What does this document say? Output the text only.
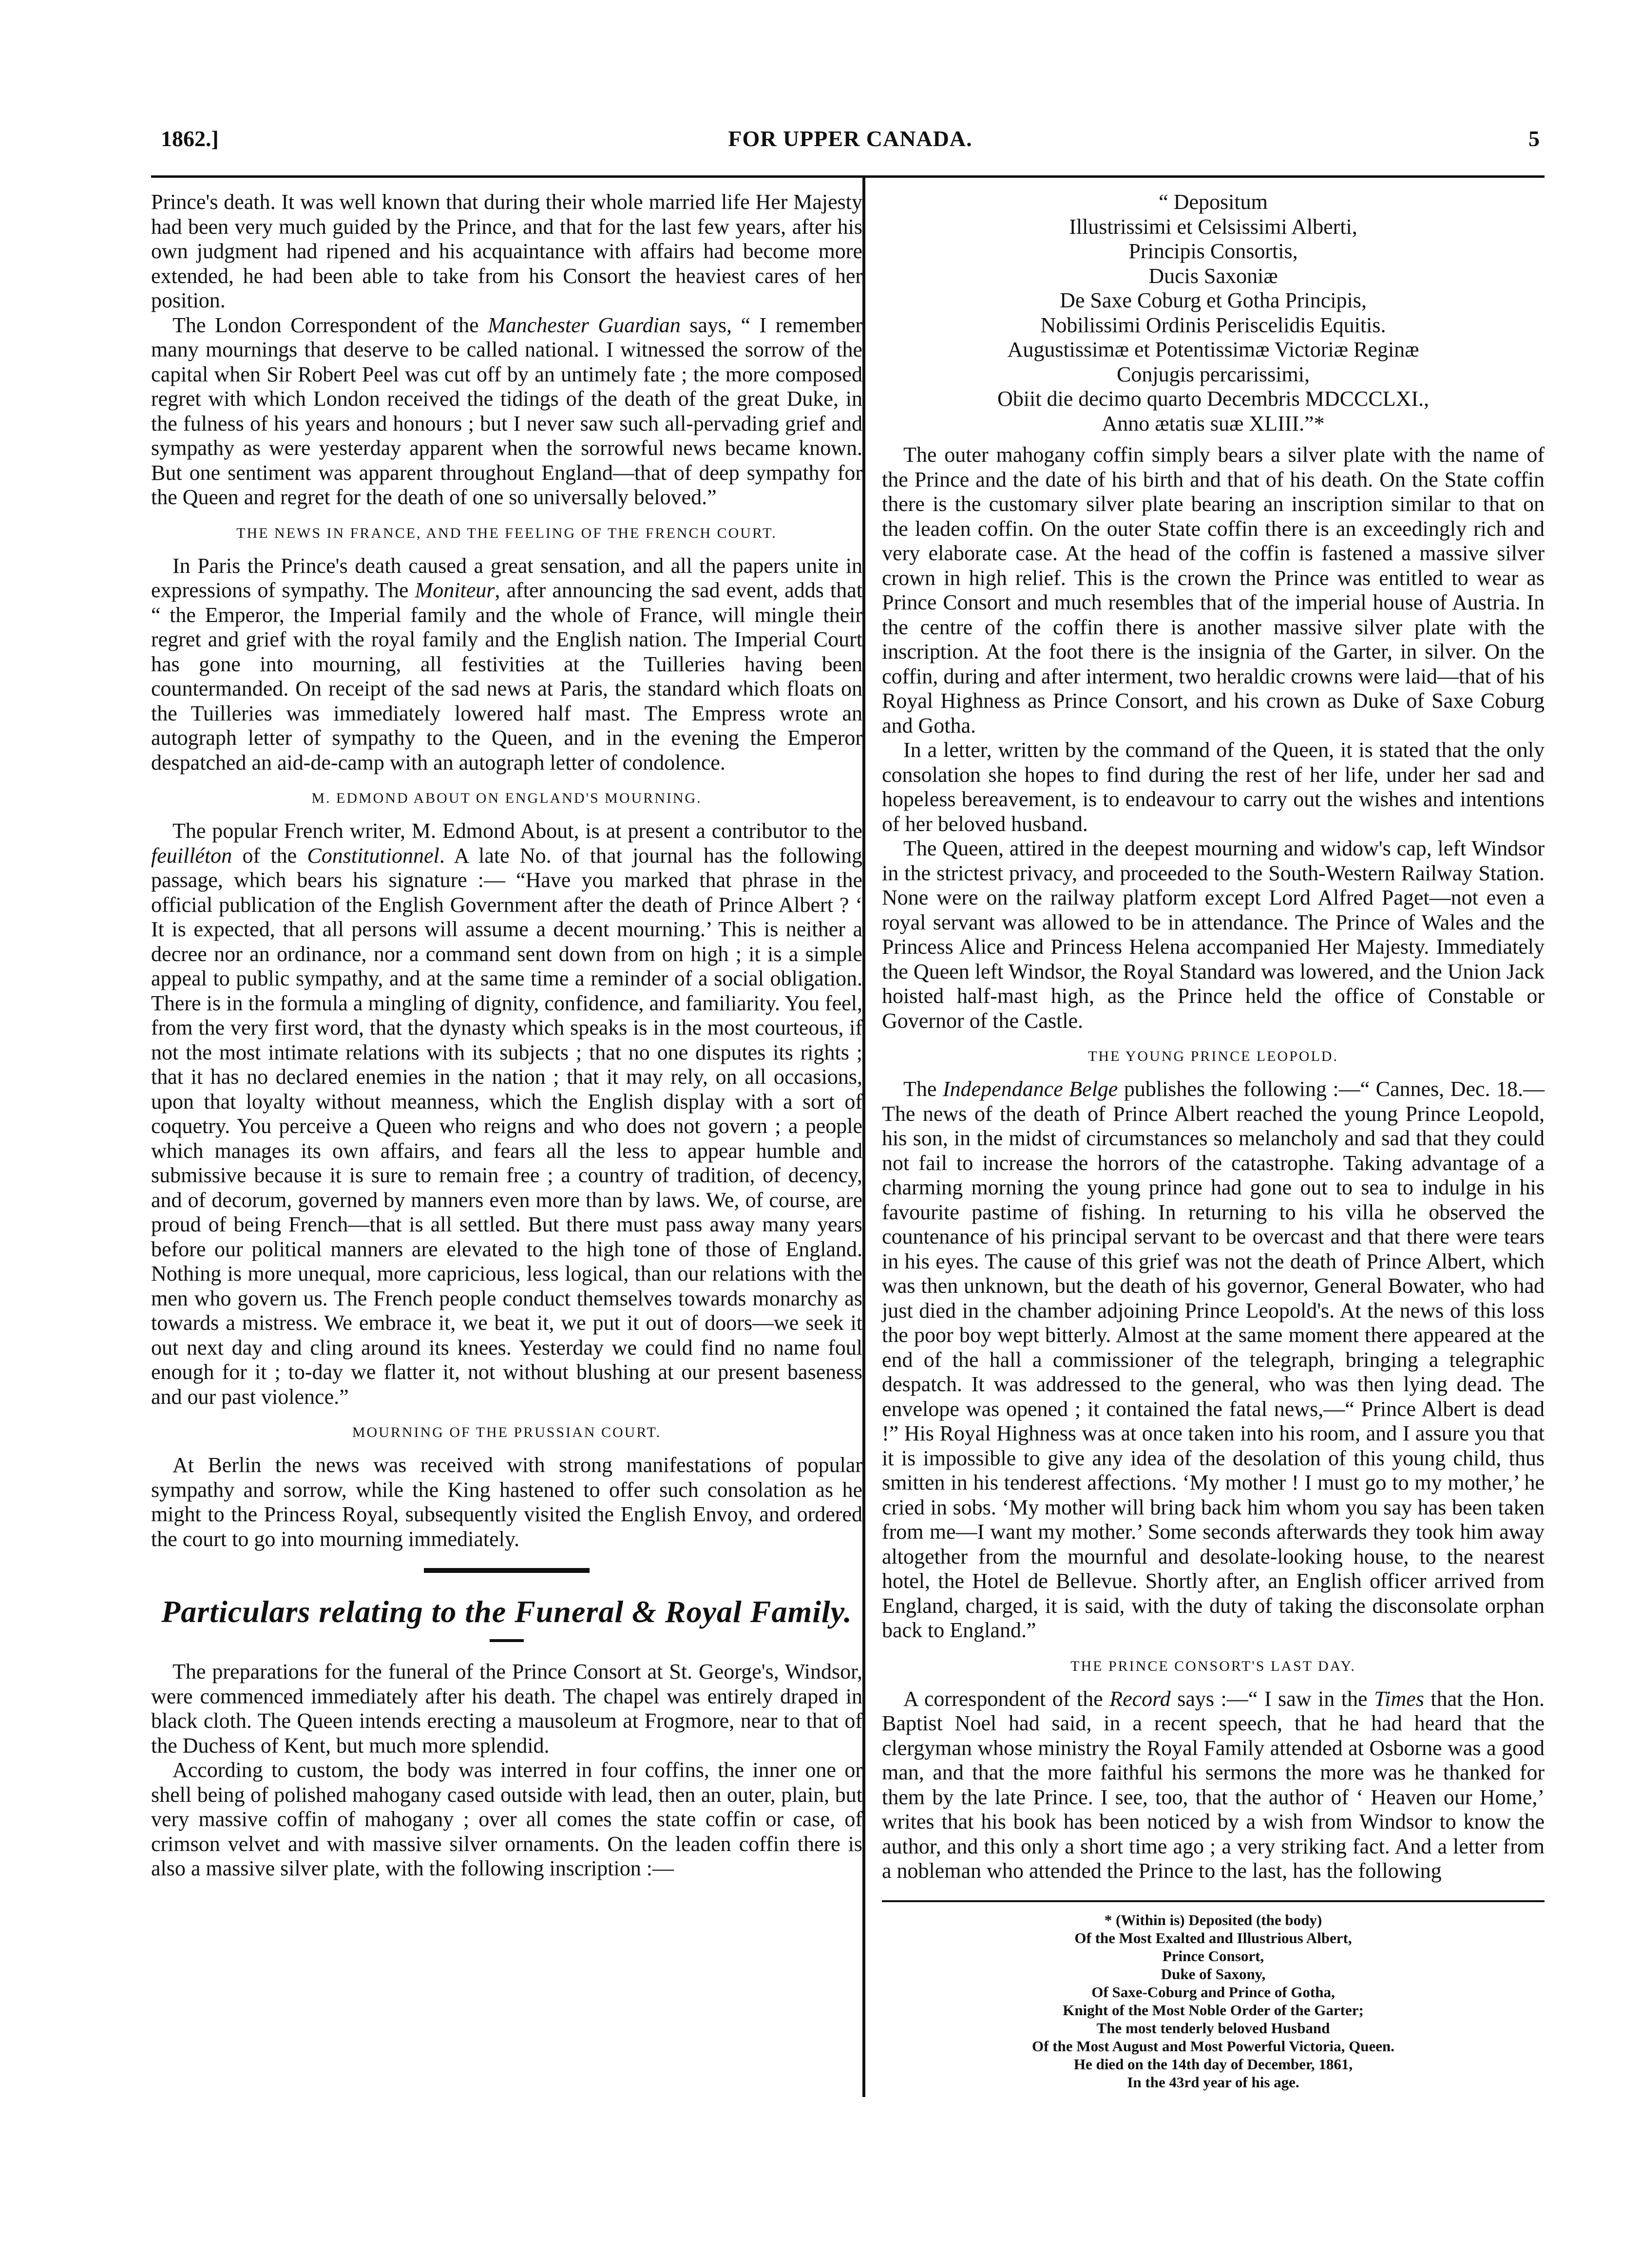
1862.]	FOR UPPER CANADA.	5

Prince's death. It was well known that during their whole married life Her Majesty had been very much guided by the Prince, and that for the last few years, after his own judgment had ripened and his acquaintance with affairs had become more extended, he had been able to take from his Consort the heaviest cares of her position.

The London Correspondent of the Manchester Guardian says, “ I remember many mournings that deserve to be called national. I witnessed the sorrow of the capital when Sir Robert Peel was cut off by an untimely fate ; the more composed regret with which London received the tidings of the death of the great Duke, in the fulness of his years and honours ; but I never saw such all-pervading grief and sympathy as were yesterday apparent when the sorrowful news became known. But one sentiment was apparent throughout England—that of deep sympathy for the Queen and regret for the death of one so universally beloved.”

THE NEWS IN FRANCE, AND THE FEELING OF THE FRENCH COURT.

In Paris the Prince's death caused a great sensation, and all the papers unite in expressions of sympathy. The Moniteur, after announcing the sad event, adds that “ the Emperor, the Imperial family and the whole of France, will mingle their regret and grief with the royal family and the English nation. The Imperial Court has gone into mourning, all festivities at the Tuilleries having been countermanded. On receipt of the sad news at Paris, the standard which floats on the Tuilleries was immediately lowered half mast. The Empress wrote an autograph letter of sympathy to the Queen, and in the evening the Emperor despatched an aid-de-camp with an autograph letter of condolence.

M. EDMOND ABOUT ON ENGLAND'S MOURNING.

The popular French writer, M. Edmond About, is at present a contributor to the feuilléton of the Constitutionnel. A late No. of that journal has the following passage, which bears his signature :— “Have you marked that phrase in the official publication of the English Government after the death of Prince Albert ? ‘ It is expected, that all persons will assume a decent mourning.’ This is neither a decree nor an ordinance, nor a command sent down from on high ; it is a simple appeal to public sympathy, and at the same time a reminder of a social obligation. There is in the formula a mingling of dignity, confidence, and familiarity. You feel, from the very first word, that the dynasty which speaks is in the most courteous, if not the most intimate relations with its subjects ; that no one disputes its rights ; that it has no declared enemies in the nation ; that it may rely, on all occasions, upon that loyalty without meanness, which the English display with a sort of coquetry. You perceive a Queen who reigns and who does not govern ; a people which manages its own affairs, and fears all the less to appear humble and submissive because it is sure to remain free ; a country of tradition, of decency, and of decorum, governed by manners even more than by laws. We, of course, are proud of being French—that is all settled. But there must pass away many years before our political manners are elevated to the high tone of those of England. Nothing is more unequal, more capricious, less logical, than our relations with the men who govern us. The French people conduct themselves towards monarchy as towards a mistress. We embrace it, we beat it, we put it out of doors—we seek it out next day and cling around its knees. Yesterday we could find no name foul enough for it ; to-day we flatter it, not without blushing at our present baseness and our past violence.”

MOURNING OF THE PRUSSIAN COURT.

At Berlin the news was received with strong manifestations of popular sympathy and sorrow, while the King hastened to offer such consolation as he might to the Princess Royal, subsequently visited the English Envoy, and ordered the court to go into mourning immediately.

Particulars relating to the Funeral & Royal Family.

The preparations for the funeral of the Prince Consort at St. George's, Windsor, were commenced immediately after his death. The chapel was entirely draped in black cloth. The Queen intends erecting a mausoleum at Frogmore, near to that of the Duchess of Kent, but much more splendid.

According to custom, the body was interred in four coffins, the inner one or shell being of polished mahogany cased outside with lead, then an outer, plain, but very massive coffin of mahogany ; over all comes the state coffin or case, of crimson velvet and with massive silver ornaments. On the leaden coffin there is also a massive silver plate, with the following inscription :—

“ Depositum
Illustrissimi et Celsissimi Alberti,
Principis Consortis,
Ducis Saxoniæ
De Saxe Coburg et Gotha Principis,
Nobilissimi Ordinis Periscelidis Equitis.
Augustissimæ et Potentissimæ Victoriæ Reginæ
Conjugis percarissimi,
Obiit die decimo quarto Decembris MDCCCLXI.,
Anno ætatis suæ XLIII.”*

The outer mahogany coffin simply bears a silver plate with the name of the Prince and the date of his birth and that of his death. On the State coffin there is the customary silver plate bearing an inscription similar to that on the leaden coffin. On the outer State coffin there is an exceedingly rich and very elaborate case. At the head of the coffin is fastened a massive silver crown in high relief. This is the crown the Prince was entitled to wear as Prince Consort and much resembles that of the imperial house of Austria. In the centre of the coffin there is another massive silver plate with the inscription. At the foot there is the insignia of the Garter, in silver. On the coffin, during and after interment, two heraldic crowns were laid—that of his Royal Highness as Prince Consort, and his crown as Duke of Saxe Coburg and Gotha.

In a letter, written by the command of the Queen, it is stated that the only consolation she hopes to find during the rest of her life, under her sad and hopeless bereavement, is to endeavour to carry out the wishes and intentions of her beloved husband.

The Queen, attired in the deepest mourning and widow's cap, left Windsor in the strictest privacy, and proceeded to the South-Western Railway Station. None were on the railway platform except Lord Alfred Paget—not even a royal servant was allowed to be in attendance. The Prince of Wales and the Princess Alice and Princess Helena accompanied Her Majesty. Immediately the Queen left Windsor, the Royal Standard was lowered, and the Union Jack hoisted half-mast high, as the Prince held the office of Constable or Governor of the Castle.

THE YOUNG PRINCE LEOPOLD.

The Independance Belge publishes the following :—“ Cannes, Dec. 18.—The news of the death of Prince Albert reached the young Prince Leopold, his son, in the midst of circumstances so melancholy and sad that they could not fail to increase the horrors of the catastrophe. Taking advantage of a charming morning the young prince had gone out to sea to indulge in his favourite pastime of fishing. In returning to his villa he observed the countenance of his principal servant to be overcast and that there were tears in his eyes. The cause of this grief was not the death of Prince Albert, which was then unknown, but the death of his governor, General Bowater, who had just died in the chamber adjoining Prince Leopold's. At the news of this loss the poor boy wept bitterly. Almost at the same moment there appeared at the end of the hall a commissioner of the telegraph, bringing a telegraphic despatch. It was addressed to the general, who was then lying dead. The envelope was opened ; it contained the fatal news,—“ Prince Albert is dead !” His Royal Highness was at once taken into his room, and I assure you that it is impossible to give any idea of the desolation of this young child, thus smitten in his tenderest affections. ‘My mother ! I must go to my mother,’ he cried in sobs. ‘My mother will bring back him whom you say has been taken from me—I want my mother.’ Some seconds afterwards they took him away altogether from the mournful and desolate-looking house, to the nearest hotel, the Hotel de Bellevue. Shortly after, an English officer arrived from England, charged, it is said, with the duty of taking the disconsolate orphan back to England.”

THE PRINCE CONSORT'S LAST DAY.

A correspondent of the Record says :—“ I saw in the Times that the Hon. Baptist Noel had said, in a recent speech, that he had heard that the clergyman whose ministry the Royal Family attended at Osborne was a good man, and that the more faithful his sermons the more was he thanked for them by the late Prince. I see, too, that the author of ‘ Heaven our Home,’ writes that his book has been noticed by a wish from Windsor to know the author, and this only a short time ago ; a very striking fact. And a letter from a nobleman who attended the Prince to the last, has the following

* (Within is) Deposited (the body)
Of the Most Exalted and Illustrious Albert,
Prince Consort,
Duke of Saxony,
Of Saxe-Coburg and Prince of Gotha,
Knight of the Most Noble Order of the Garter;
The most tenderly beloved Husband
Of the Most August and Most Powerful Victoria, Queen.
He died on the 14th day of December, 1861,
In the 43rd year of his age.
